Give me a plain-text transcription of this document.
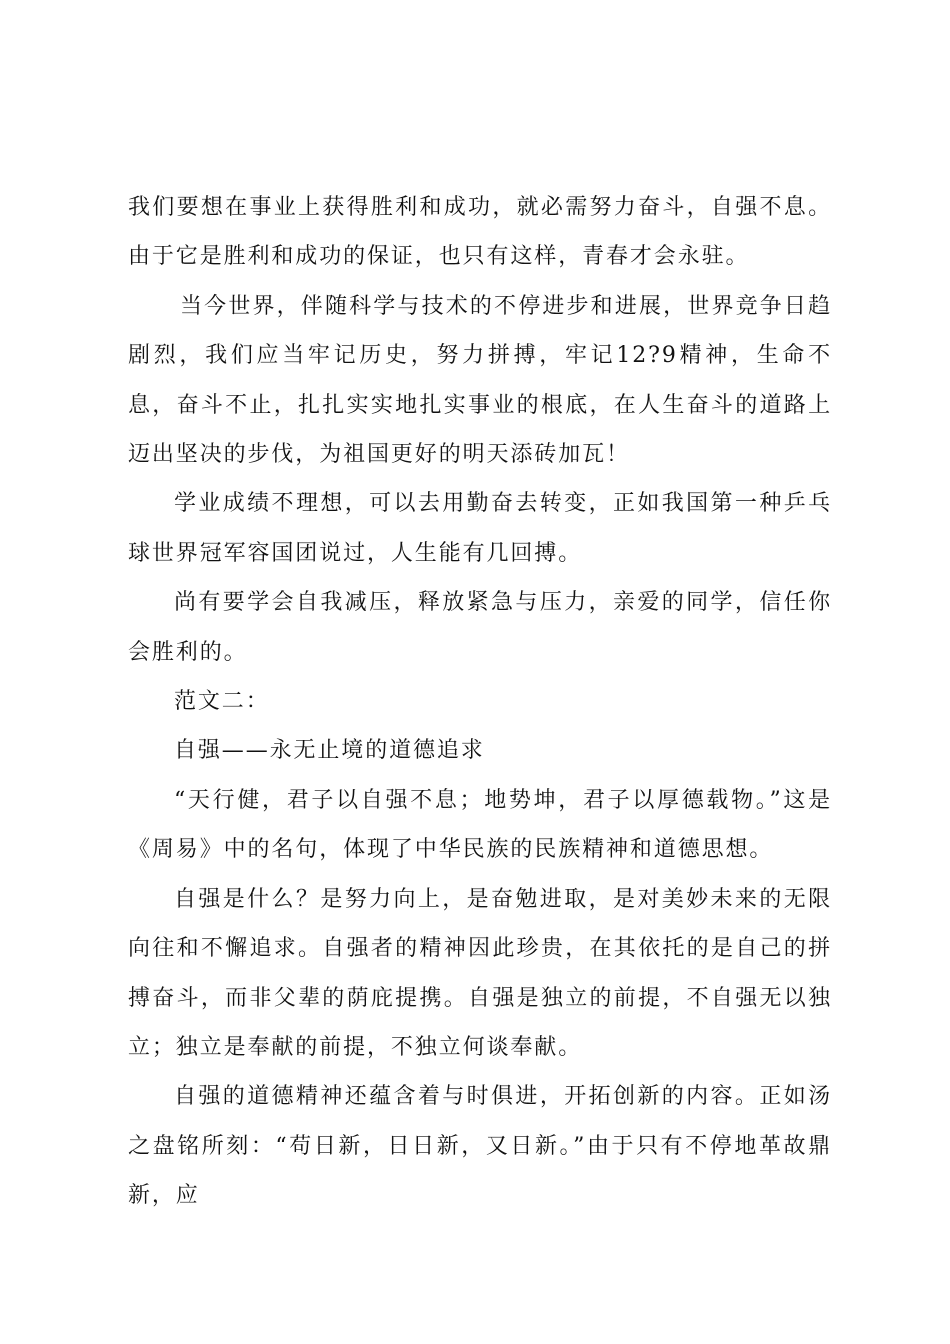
我们要想在事业上获得胜利和成功，就必需努力奋斗，自强不息。由于它是胜利和成功的保证，也只有这样，青春才会永驻。

当今世界，伴随科学与技术的不停进步和进展，世界竞争日趋剧烈，我们应当牢记历史，努力拼搏，牢记12?9精神，生命不息，奋斗不止，扎扎实实地扎实事业的根底，在人生奋斗的道路上迈出坚决的步伐，为祖国更好的明天添砖加瓦！

学业成绩不理想，可以去用勤奋去转变，正如我国第一种乒乓球世界冠军容国团说过，人生能有几回搏。

尚有要学会自我减压，释放紧急与压力，亲爱的同学，信任你会胜利的。

范文二：

自强——永无止境的道德追求

“天行健，君子以自强不息；地势坤，君子以厚德载物。”这是《周易》中的名句，体现了中华民族的民族精神和道德思想。

自强是什么？是努力向上，是奋勉进取，是对美妙未来的无限向往和不懈追求。自强者的精神因此珍贵，在其依托的是自己的拼搏奋斗，而非父辈的荫庇提携。自强是独立的前提，不自强无以独立；独立是奉献的前提，不独立何谈奉献。

自强的道德精神还蕴含着与时俱进，开拓创新的内容。正如汤之盘铭所刻：“苟日新，日日新，又日新。”由于只有不停地革故鼎新，应
